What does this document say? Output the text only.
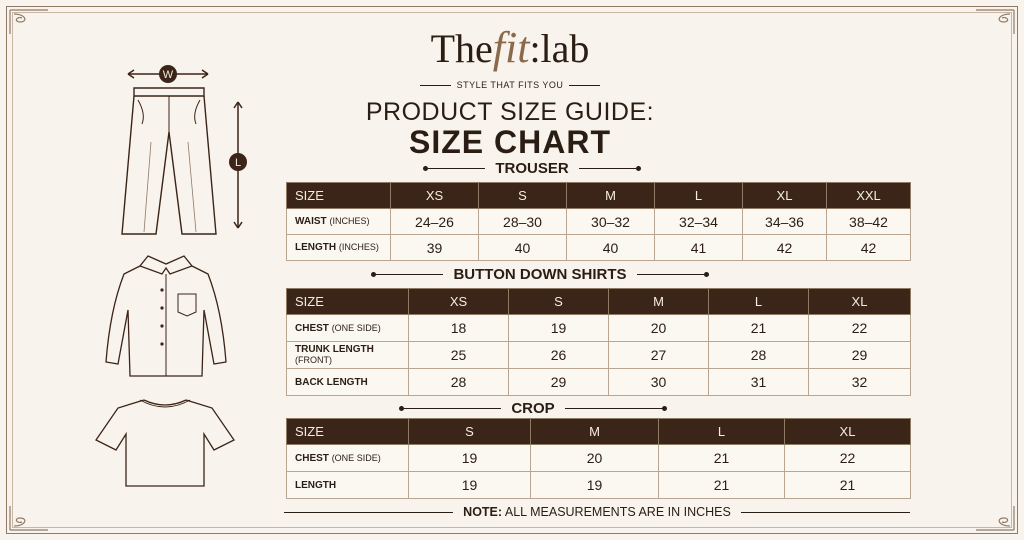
Thefit:lab
STYLE THAT FITS YOU
PRODUCT SIZE GUIDE:
SIZE CHART
W
L	TROUSER
SIZE	XS	S	M	L	XL	XXL
WAIST (INCHES)	24–26	28–30	30–32	32–34	34–36	38–42
LENGTH (INCHES)	39	40	40	41	42	42
BUTTON DOWN SHIRTS
SIZE	XS	S	M	L	XL
CHEST (ONE SIDE)	18	19	20	21	22
TRUNK LENGTH (FRONT)	25	26	27	28	29
BACK LENGTH	28	29	30	31	32
CROP
SIZE	S	M	L	XL
CHEST (ONE SIDE)	19	20	21	22
LENGTH	19	19	21	21
NOTE: ALL MEASUREMENTS ARE IN INCHES
